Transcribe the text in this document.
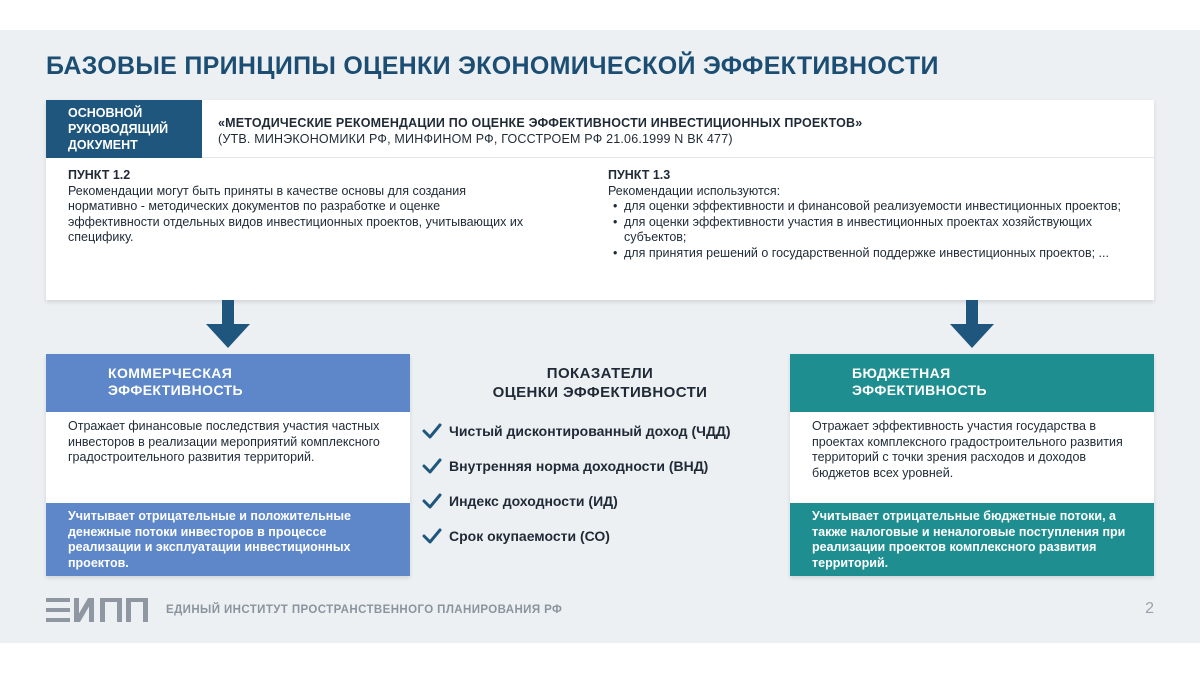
БАЗОВЫЕ ПРИНЦИПЫ ОЦЕНКИ ЭКОНОМИЧЕСКОЙ ЭФФЕКТИВНОСТИ
ОСНОВНОЙ
РУКОВОДЯЩИЙ
ДОКУМЕНТ
«МЕТОДИЧЕСКИЕ РЕКОМЕНДАЦИИ ПО ОЦЕНКЕ ЭФФЕКТИВНОСТИ ИНВЕСТИЦИОННЫХ ПРОЕКТОВ»
(УТВ. МИНЭКОНОМИКИ РФ, МИНФИНОМ РФ, ГОССТРОЕМ РФ 21.06.1999 N ВК 477)
ПУНКТ 1.2

Рекомендации могут быть приняты в качестве основы для создания нормативно - методических документов по разработке и оценке эффективности отдельных видов инвестиционных проектов, учитывающих их специфику.

ПУНКТ 1.3
Рекомендации используются:
• для оценки эффективности и финансовой реализуемости инвестиционных проектов;
• для оценки эффективности участия в инвестиционных проектах хозяйствующих субъектов;
• для принятия решений о государственной поддержке инвестиционных проектов; ...
КОММЕРЧЕСКАЯ
ЭФФЕКТИВНОСТЬ
Отражает финансовые последствия участия частных инвесторов в реализации мероприятий комплексного градостроительного развития территорий.
Учитывает отрицательные и положительные денежные потоки инвесторов в процессе реализации и эксплуатации инвестиционных проектов.
ПОКАЗАТЕЛИ
ОЦЕНКИ ЭФФЕКТИВНОСТИ
Чистый дисконтированный доход (ЧДД)
Внутренняя норма доходности (ВНД)
Индекс доходности (ИД)
Срок окупаемости (СО)
БЮДЖЕТНАЯ
ЭФФЕКТИВНОСТЬ
Отражает эффективность участия государства в проектах комплексного градостроительного развития территорий с точки зрения расходов и доходов бюджетов всех уровней.
Учитывает отрицательные бюджетные потоки, а также налоговые и неналоговые поступления при реализации проектов комплексного развития территорий.
ЕДИНЫЙ ИНСТИТУТ ПРОСТРАНСТВЕННОГО ПЛАНИРОВАНИЯ РФ	2
